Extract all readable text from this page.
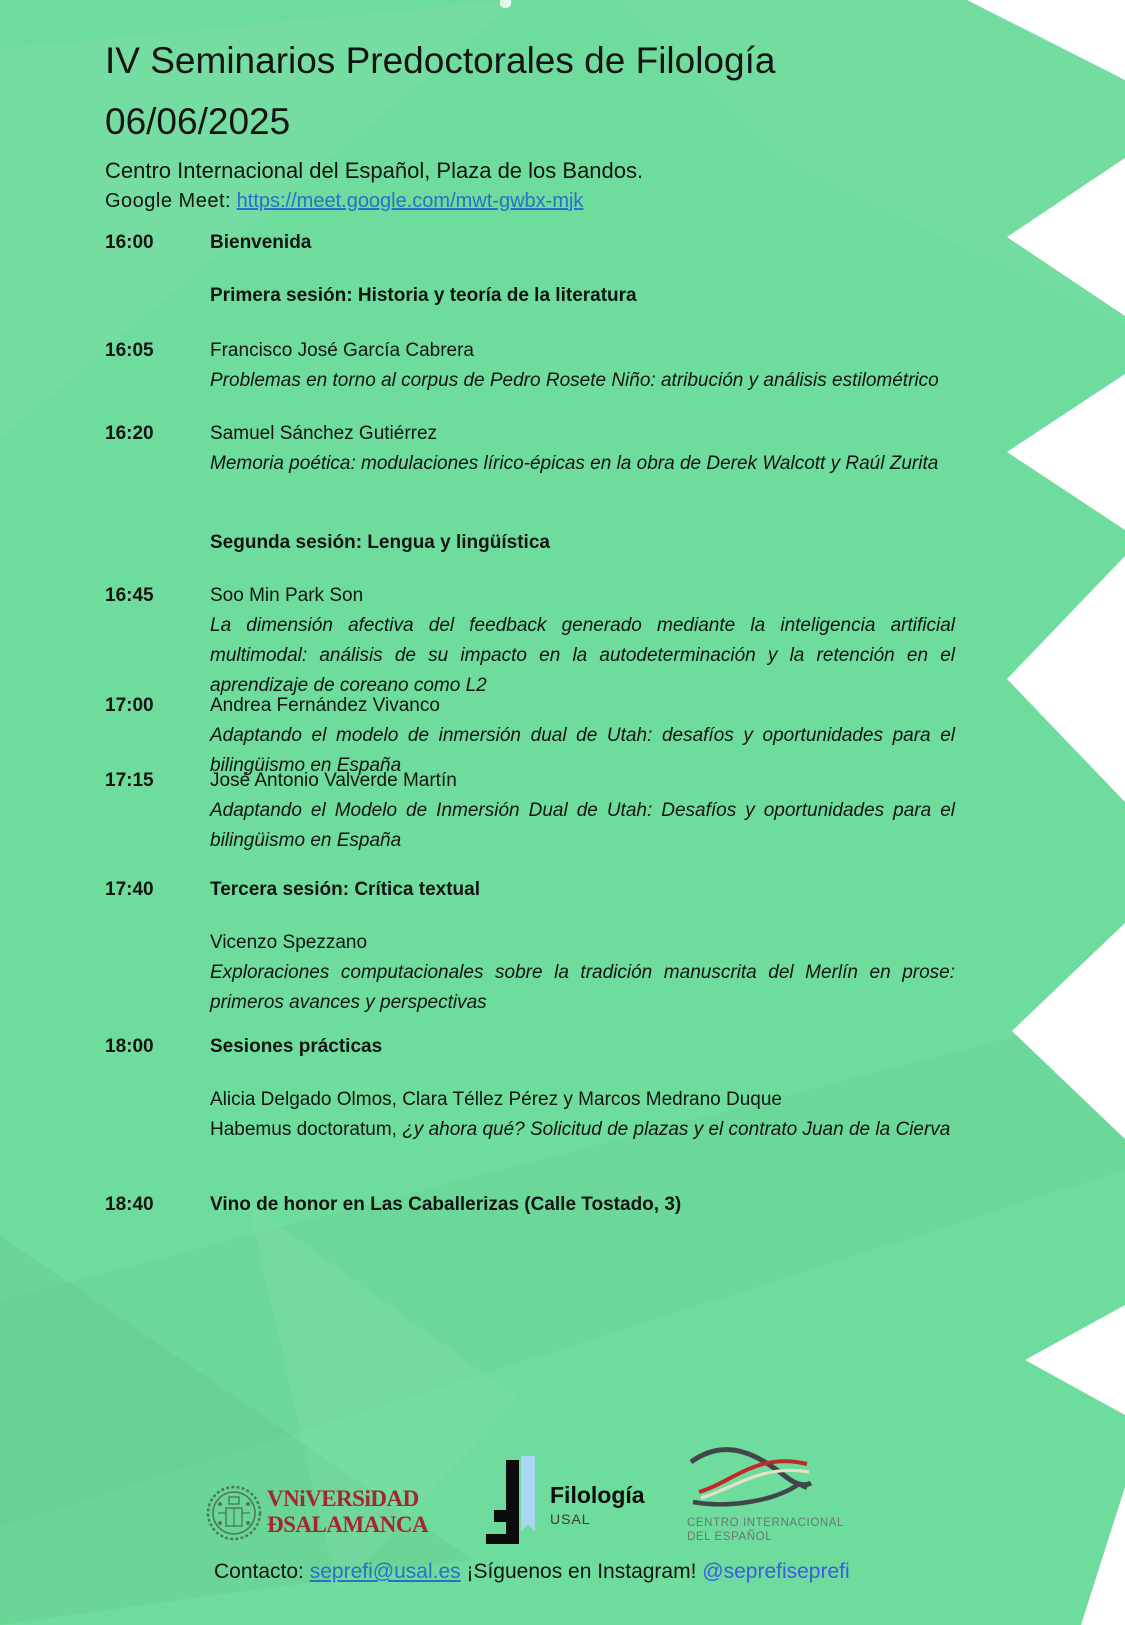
IV Seminarios Predoctorales de Filología
06/06/2025
Centro Internacional del Español, Plaza de los Bandos.
Google Meet: https://meet.google.com/mwt-gwbx-mjk
16:00	Bienvenida
Primera sesión: Historia y teoría de la literatura
16:05	Francisco José García Cabrera
Problemas en torno al corpus de Pedro Rosete Niño: atribución y análisis estilométrico
16:20	Samuel Sánchez Gutiérrez
Memoria poética: modulaciones lírico-épicas en la obra de Derek Walcott y Raúl Zurita
Segunda sesión: Lengua y lingüística
16:45	Soo Min Park Son
La dimensión afectiva del feedback generado mediante la inteligencia artificial multimodal: análisis de su impacto en la autodeterminación y la retención en el aprendizaje de coreano como L2
17:00	Andrea Fernández Vivanco
Adaptando el modelo de inmersión dual de Utah: desafíos y oportunidades para el bilingüismo en España
17:15	José Antonio Valverde Martín
Adaptando el Modelo de Inmersión Dual de Utah: Desafíos y oportunidades para el bilingüismo en España
17:40	Tercera sesión: Crítica textual
Vicenzo Spezzano
Exploraciones computacionales sobre la tradición manuscrita del Merlín en prose: primeros avances y perspectivas
18:00	Sesiones prácticas
Alicia Delgado Olmos, Clara Téllez Pérez y Marcos Medrano Duque
Habemus doctoratum, ¿y ahora qué? Solicitud de plazas y el contrato Juan de la Cierva
18:40	Vino de honor en Las Caballerizas (Calle Tostado, 3)
VNiVERSiDAD
ÐSALAMANCA
Filología
USAL	CENTRO INTERNACIONAL
DEL ESPAÑOL
Contacto: seprefi@usal.es ¡Síguenos en Instagram! @seprefiseprefi
